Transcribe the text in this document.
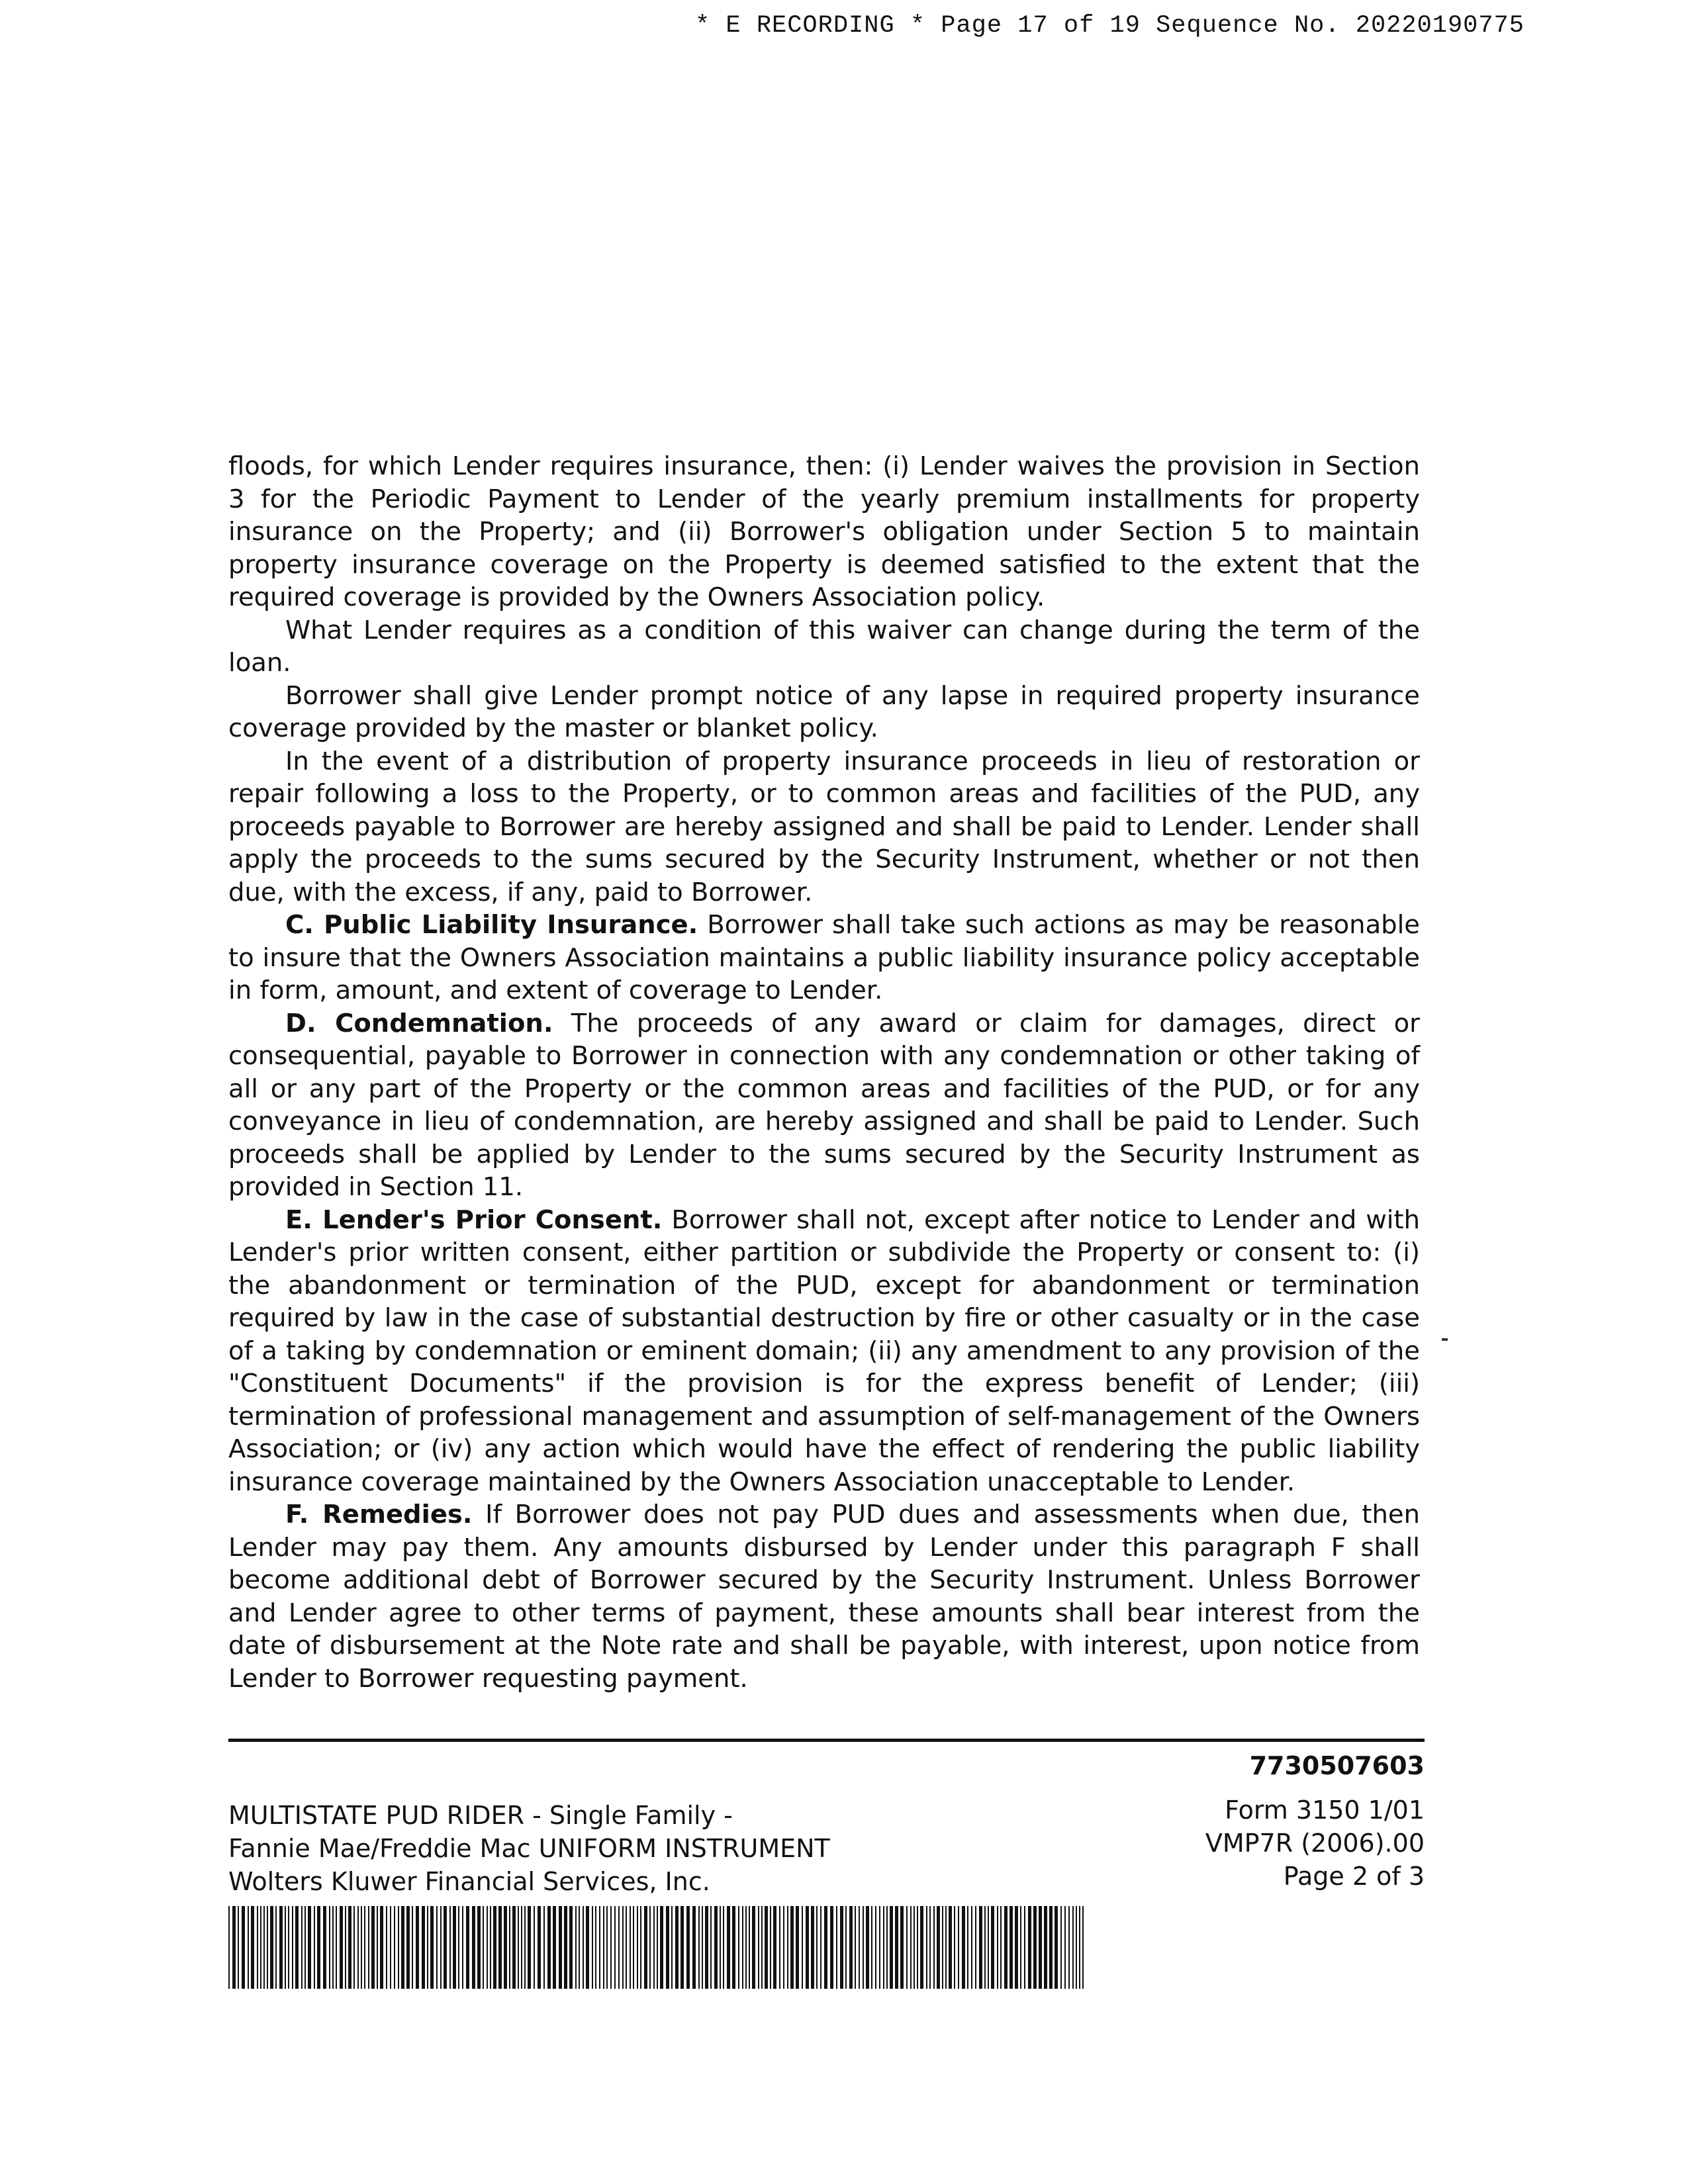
* E RECORDING * Page 17 of 19 Sequence No. 20220190775

floods, for which Lender requires insurance, then: (i) Lender waives the provision in Section 3 for the Periodic Payment to Lender of the yearly premium installments for property insurance on the Property; and (ii) Borrower's obligation under Section 5 to maintain property insurance coverage on the Property is deemed satisfied to the extent that the required coverage is provided by the Owners Association policy.

What Lender requires as a condition of this waiver can change during the term of the loan.

Borrower shall give Lender prompt notice of any lapse in required property insurance coverage provided by the master or blanket policy.

In the event of a distribution of property insurance proceeds in lieu of restoration or repair following a loss to the Property, or to common areas and facilities of the PUD, any proceeds payable to Borrower are hereby assigned and shall be paid to Lender. Lender shall apply the proceeds to the sums secured by the Security Instrument, whether or not then due, with the excess, if any, paid to Borrower.

C. Public Liability Insurance. Borrower shall take such actions as may be reasonable to insure that the Owners Association maintains a public liability insurance policy acceptable in form, amount, and extent of coverage to Lender.

D. Condemnation. The proceeds of any award or claim for damages, direct or consequential, payable to Borrower in connection with any condemnation or other taking of all or any part of the Property or the common areas and facilities of the PUD, or for any conveyance in lieu of condemnation, are hereby assigned and shall be paid to Lender. Such proceeds shall be applied by Lender to the sums secured by the Security Instrument as provided in Section 11.

E. Lender's Prior Consent. Borrower shall not, except after notice to Lender and with Lender's prior written consent, either partition or subdivide the Property or consent to: (i) the abandonment or termination of the PUD, except for abandonment or termination required by law in the case of substantial destruction by fire or other casualty or in the case of a taking by condemnation or eminent domain; (ii) any amendment to any provision of the "Constituent Documents" if the provision is for the express benefit of Lender; (iii) termination of professional management and assumption of self-management of the Owners Association; or (iv) any action which would have the effect of rendering the public liability insurance coverage maintained by the Owners Association unacceptable to Lender.

F. Remedies. If Borrower does not pay PUD dues and assessments when due, then Lender may pay them. Any amounts disbursed by Lender under this paragraph F shall become additional debt of Borrower secured by the Security Instrument. Unless Borrower and Lender agree to other terms of payment, these amounts shall bear interest from the date of disbursement at the Note rate and shall be payable, with interest, upon notice from Lender to Borrower requesting payment.

7730507603
MULTISTATE PUD RIDER - Single Family -
Fannie Mae/Freddie Mac UNIFORM INSTRUMENT
Wolters Kluwer Financial Services, Inc.
Form 3150 1/01
VMP7R (2006).00
Page 2 of 3
